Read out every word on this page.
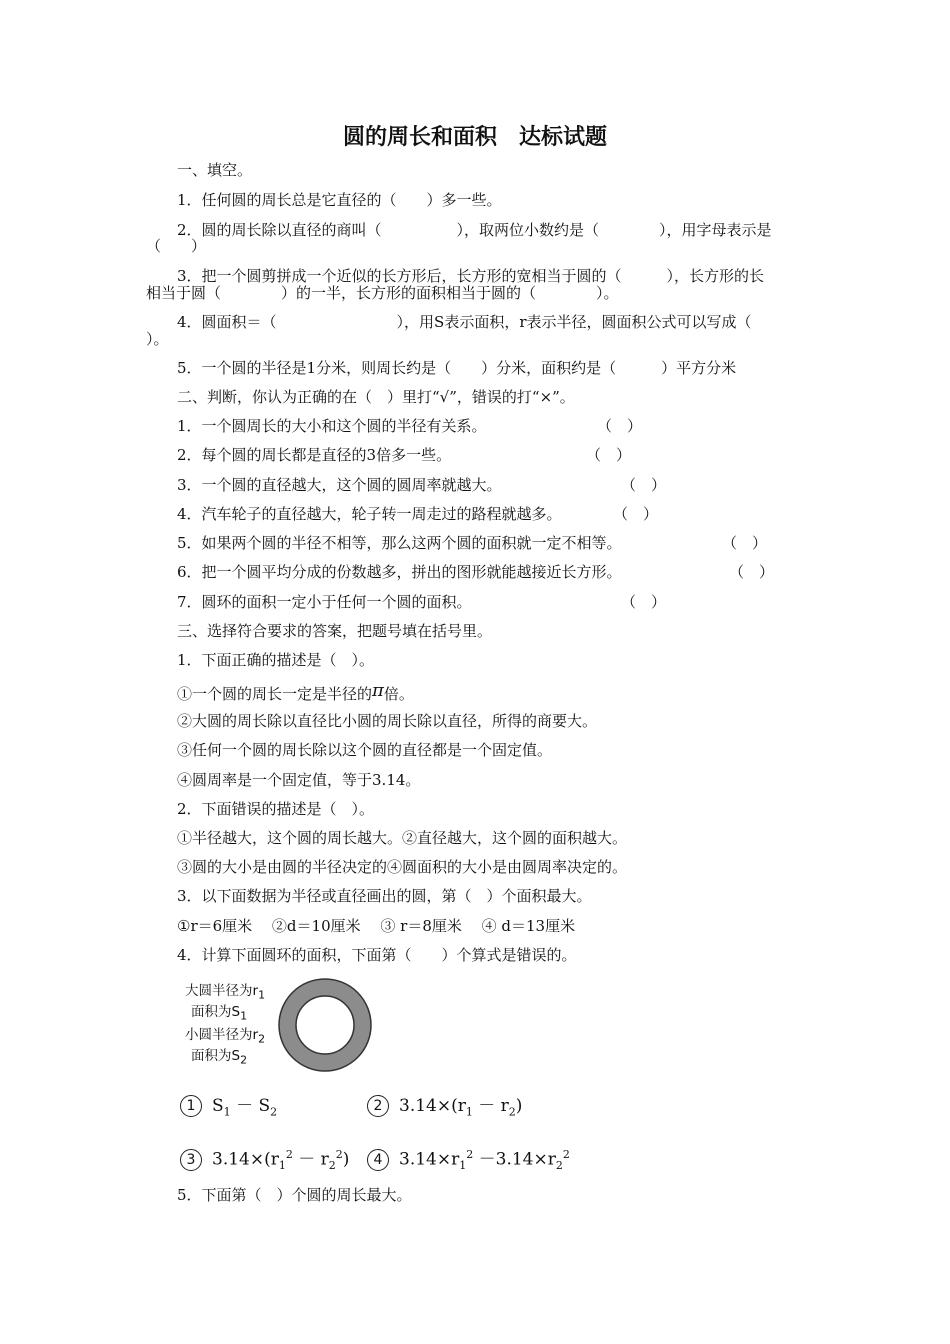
圆的周长和面积　达标试题
一、填空。
1．任何圆的周长总是它直径的（　　）多一些。
2．圆的周长除以直径的商叫（　　　　　），取两位小数约是（　　　　），用字母表示是
（　　）
3．把一个圆剪拼成一个近似的长方形后，长方形的宽相当于圆的（　　　），长方形的长
相当于圆（　　　　）的一半，长方形的面积相当于圆的（　　　　）。
4．圆面积＝（　　　　　　　　），用S表示面积，r表示半径，圆面积公式可以写成（
）。
5．一个圆的半径是1分米，则周长约是（　　）分米，面积约是（　　　）平方分米
二、判断，你认为正确的在（　）里打“√”，错误的打“×”。
1．一个圆周长的大小和这个圆的半径有关系。	（　）
2．每个圆的周长都是直径的3倍多一些。	（　）
3．一个圆的直径越大，这个圆的圆周率就越大。	（　）
4．汽车轮子的直径越大，轮子转一周走过的路程就越多。	（　）
5．如果两个圆的半径不相等，那么这两个圆的面积就一定不相等。	（　）
6．把一个圆平均分成的份数越多，拼出的图形就能越接近长方形。	（　）
7．圆环的面积一定小于任何一个圆的面积。	（　）
三、选择符合要求的答案，把题号填在括号里。
1．下面正确的描述是（　）。
①一个圆的周长一定是半径的π倍。
②大圆的周长除以直径比小圆的周长除以直径，所得的商要大。
③任何一个圆的周长除以这个圆的直径都是一个固定值。
④圆周率是一个固定值，等于3.14。
2．下面错误的描述是（　）。
①半径越大，这个圆的周长越大。②直径越大，这个圆的面积越大。
③圆的大小是由圆的半径决定的④圆面积的大小是由圆周率决定的。
3．以下面数据为半径或直径画出的圆，第（　）个面积最大。
①r＝6厘米　 ②d＝10厘米　 ③ r＝8厘米　 ④ d＝13厘米
4．计算下面圆环的面积，下面第（　　）个算式是错误的。
大圆半径为$r_1$
面积为$S_1$
小圆半径为$r_2$
面积为$S_2$
1 $S_1 - S_2$	2 $3.14\times(r_1 - r_2)$
3 $3.14\times(r_1^2 - r_2^2)$	4 $3.14\times r_1^2 -3.14\times r_2^2$
5．下面第（　）个圆的周长最大。
